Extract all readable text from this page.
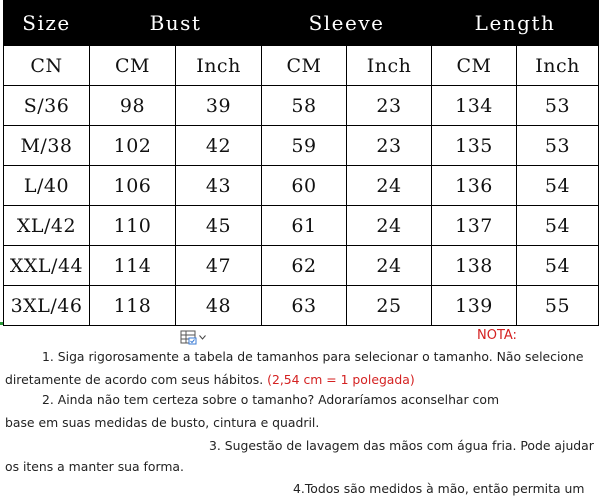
Size	Bust		Sleeve		Length	
CN	CM	Inch	CM	Inch	CM	Inch
S/36	98	39	58	23	134	53
M/38	102	42	59	23	135	53
L/40	106	43	60	24	136	54
XL/42	110	45	61	24	137	54
XXL/44	114	47	62	24	138	54
3XL/46	118	48	63	25	139	55
NOTA:
1. Siga rigorosamente a tabela de tamanhos para selecionar o tamanho. Não selecione
diretamente de acordo com seus hábitos. (2,54 cm = 1 polegada)
2. Ainda não tem certeza sobre o tamanho? Adoraríamos aconselhar com
base em suas medidas de busto, cintura e quadril.
3. Sugestão de lavagem das mãos com água fria. Pode ajudar
os itens a manter sua forma.
4.Todos são medidos à mão, então permita um
